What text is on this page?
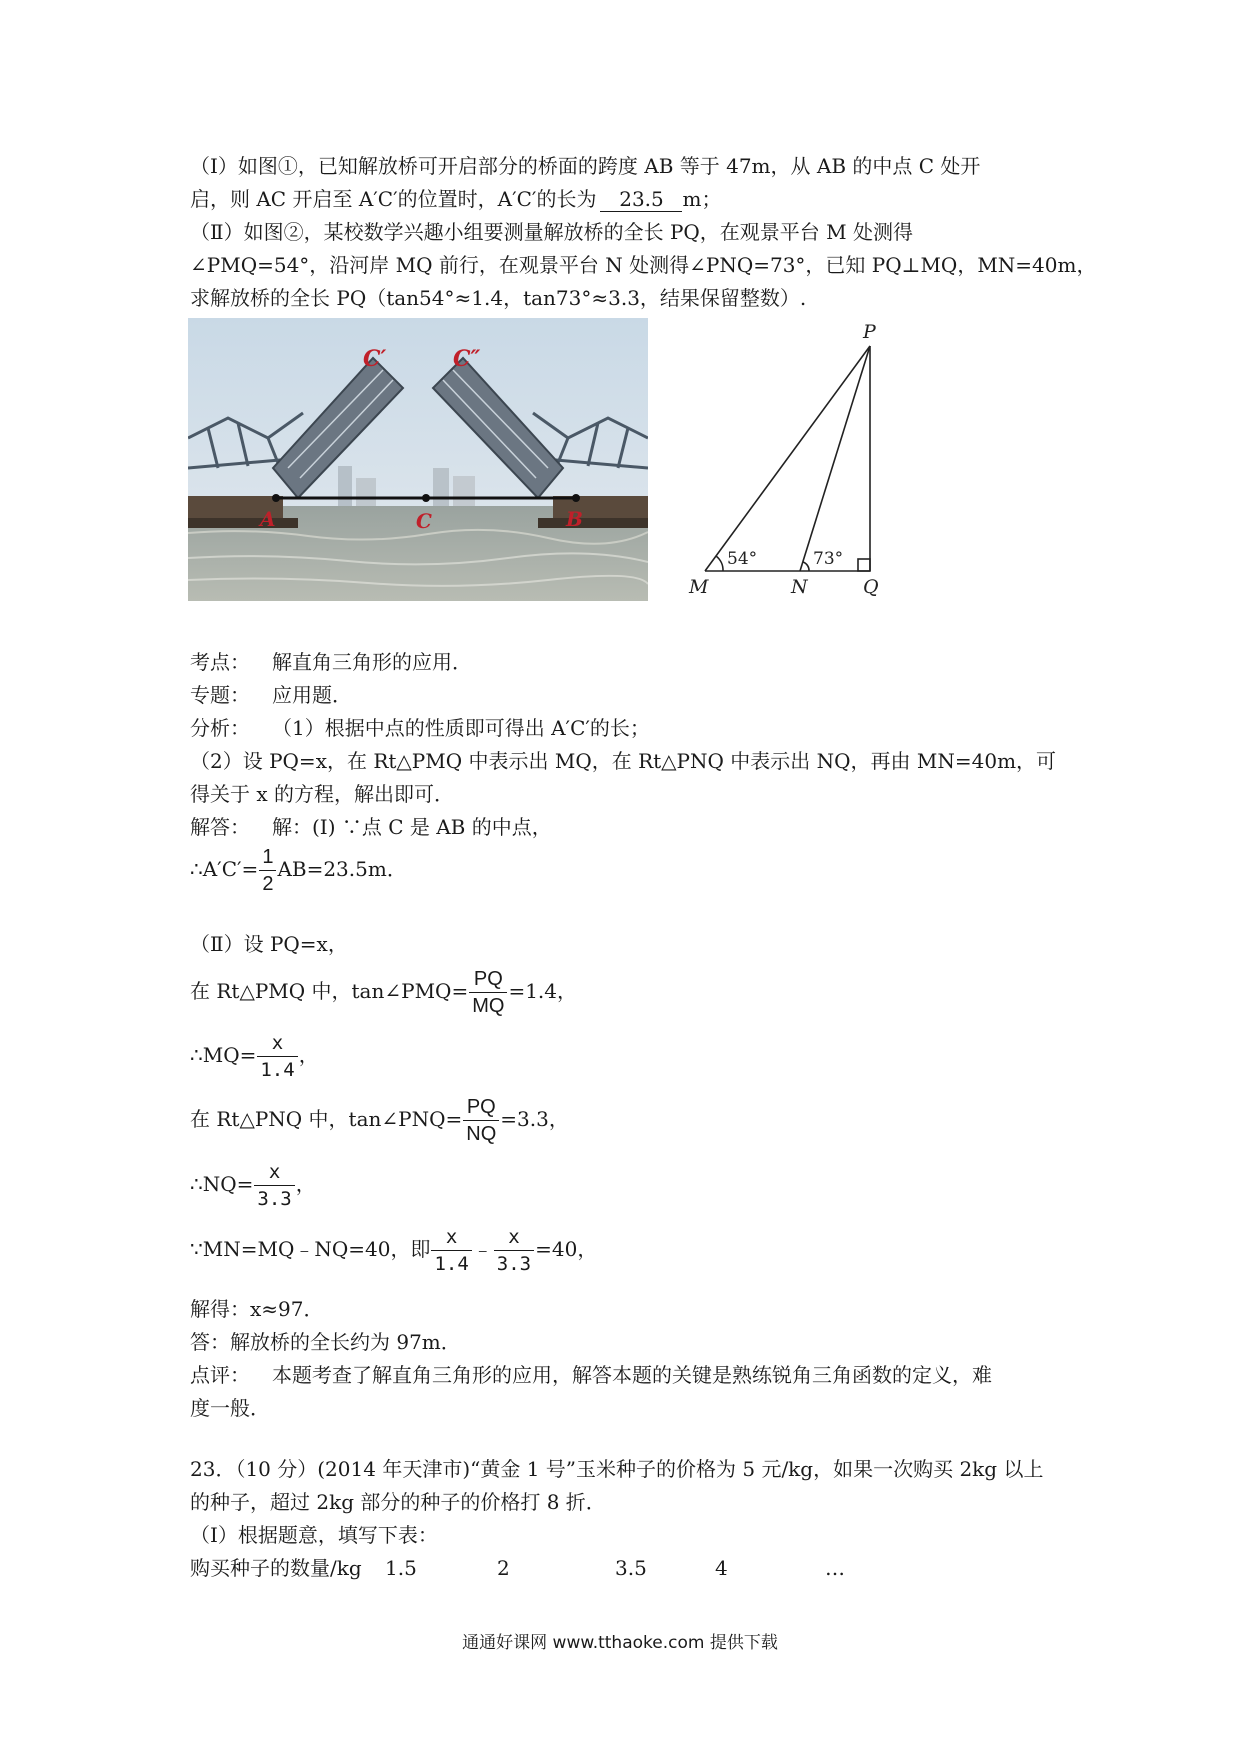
（Ⅰ）如图①，已知解放桥可开启部分的桥面的跨度 AB 等于 47m，从 AB 的中点 C 处开
启，则 AC 开启至 A′C′的位置时，A′C′的长为 23.5 m；
（Ⅱ）如图②，某校数学兴趣小组要测量解放桥的全长 PQ，在观景平台 M 处测得
∠PMQ=54°，沿河岸 MQ 前行，在观景平台 N 处测得∠PNQ=73°，已知 PQ⊥MQ，MN=40m，
求解放桥的全长 PQ（tan54°≈1.4，tan73°≈3.3，结果保留整数）.
C′	C″
A	C	B
P
M	N	Q
54°	73°
考点： 解直角三角形的应用．
专题： 应用题．
分析： （1）根据中点的性质即可得出 A′C′的长；
（2）设 PQ=x，在 Rt△PMQ 中表示出 MQ，在 Rt△PNQ 中表示出 NQ，再由 MN=40m，可
得关于 x 的方程，解出即可．
解答： 解：(Ⅰ) ∵点 C 是 AB 的中点，
∴A′C′= $\frac{1}{2} AB=23.5m$．
（Ⅱ）设 PQ=x，
在 Rt△PMQ 中，tan∠PMQ= $\frac{PQ}{MQ} =1.4$，
∴MQ= $\frac{x}{1.4}$ ，
在 Rt△PNQ 中，tan∠PNQ= $\frac{PQ}{NQ} =3.3$，
∴NQ= $\frac{x}{3.3}$ ，
∵MN=MQ﹣NQ=40，即 $\frac{x}{1.4}$ ﹣ $\frac{x}{3.3} =40$，
解得：x≈97．
答：解放桥的全长约为 97m．
点评： 本题考查了解直角三角形的应用，解答本题的关键是熟练锐角三角函数的定义，难
度一般．
23．（10 分）(2014 年天津市)“黄金 1 号”玉米种子的价格为 5 元/kg，如果一次购买 2kg 以上
的种子，超过 2kg 部分的种子的价格打 8 折．
（Ⅰ）根据题意，填写下表：
购买种子的数量/kg 1.5	2	3.5	4	…
通通好课网 www.tthaoke.com 提供下载
